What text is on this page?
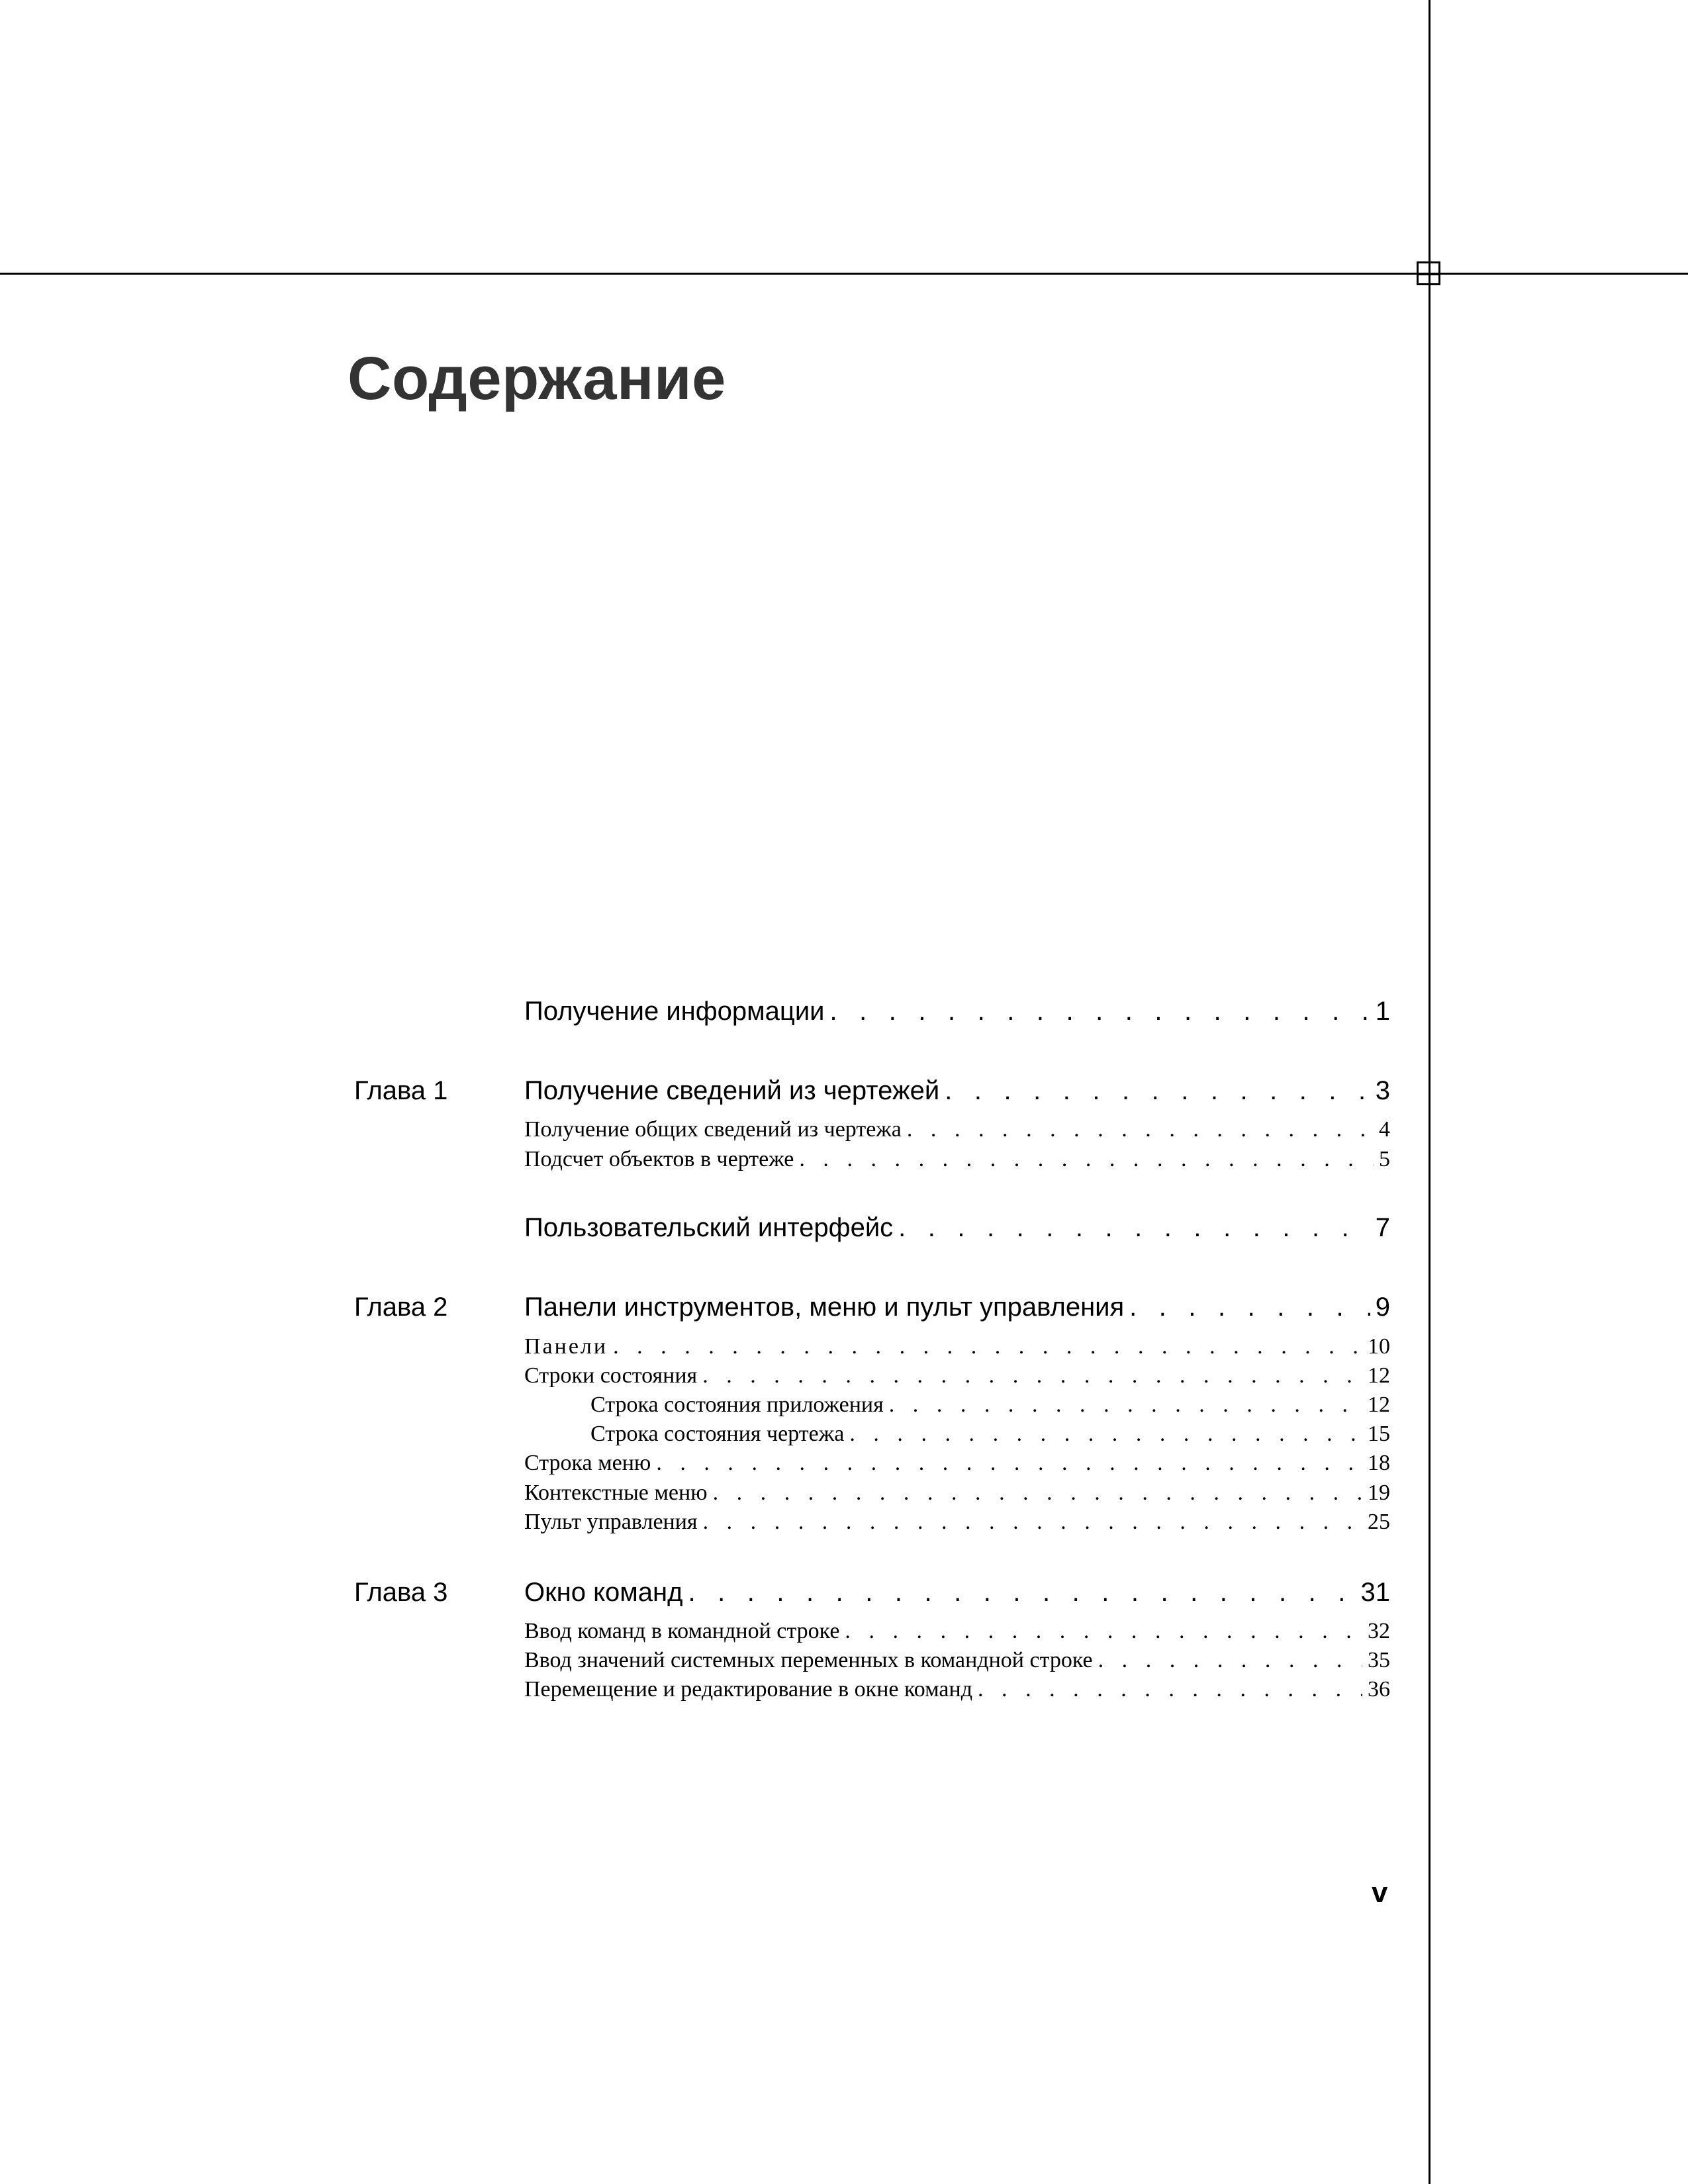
Содержание
Получение информации . . .	1
Глава 1	Получение сведений из чертежей . . .	3
Получение общих сведений из чертежа . . .	4
Подсчет объектов в чертеже . . .	5
Пользовательский интерфейс . . .	7
Глава 2	Панели инструментов, меню и пульт управления . . .	9
Панели . . .	10
Строки состояния . . .	12
Строка состояния приложения . . .	12
Строка состояния чертежа . . .	15
Строка меню . . .	18
Контекстные меню . . .	19
Пульт управления . . .	25
Глава 3	Окно команд . . .	31
Ввод команд в командной строке . . .	32
Ввод значений системных переменных в командной строке . . .	35
Перемещение и редактирование в окне команд . . .	36
v
